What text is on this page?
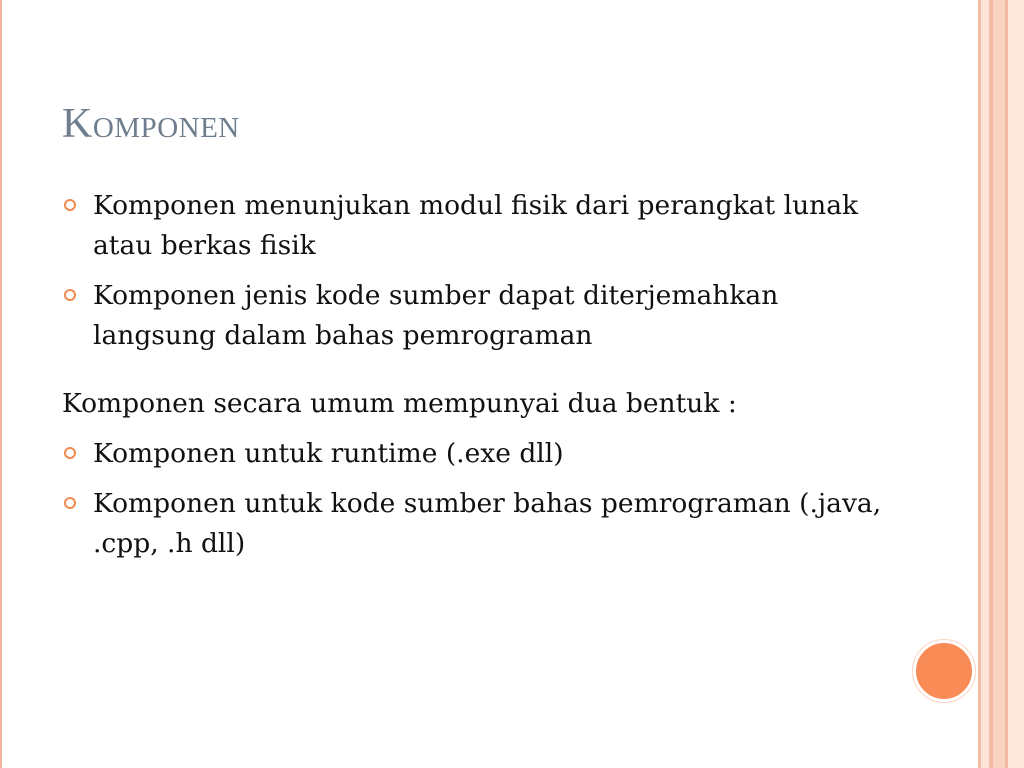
Komponen
Komponen menunjukan modul fisik dari perangkat lunak atau berkas fisik
Komponen jenis kode sumber dapat diterjemahkan langsung dalam bahas pemrograman
Komponen secara umum mempunyai dua bentuk :
Komponen untuk runtime (.exe dll)
Komponen untuk kode sumber bahas pemrograman (.java, .cpp, .h dll)
